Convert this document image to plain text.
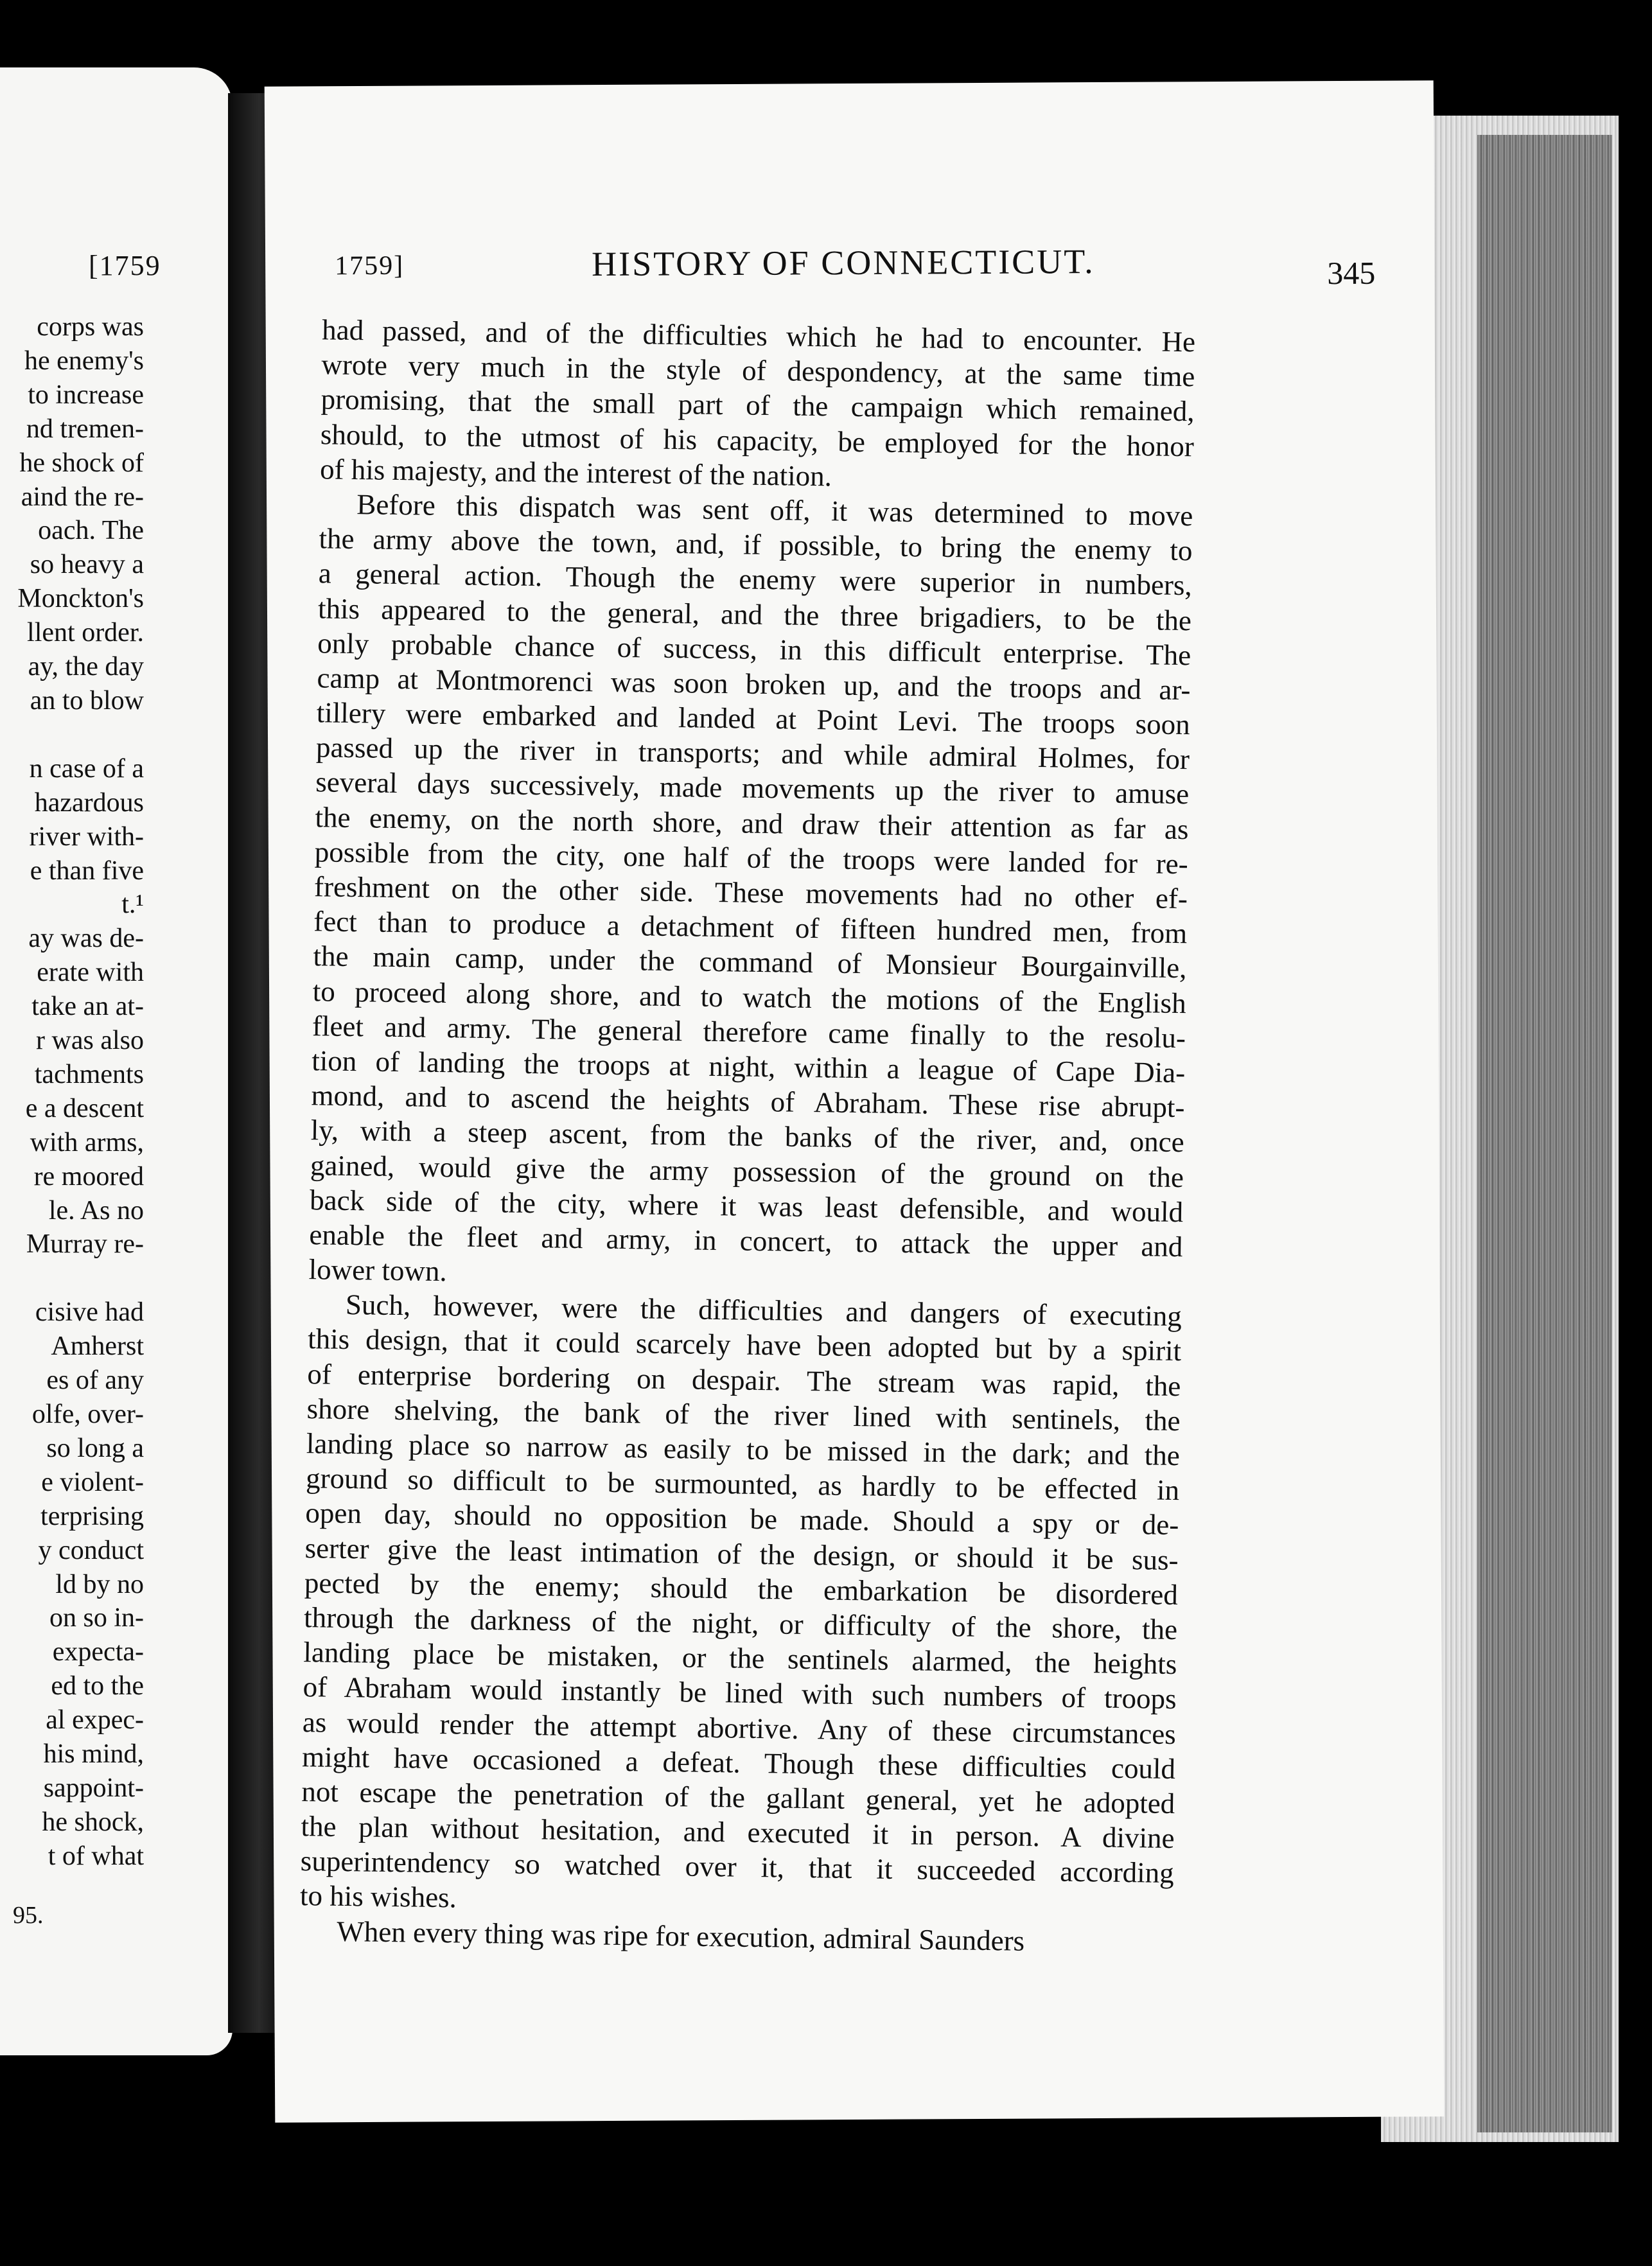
[1759
corps was
he enemy's
to increase
nd tremen-
he shock of
aind the re-
oach. The
so heavy a
Monckton's
llent order.
ay, the day
an to blow

n case of a
hazardous
river with-
e than five
t.¹
ay was de-
erate with
take an at-
r was also
tachments
e a descent
with arms,
re moored
le. As no
Murray re-

cisive had
Amherst
es of any
olfe, over-
so long a
e violent-
terprising
y conduct
ld by no
on so in-
expecta-
ed to the
al expec-
his mind,
sappoint-
he shock,
t of what
95.
1759]	HISTORY OF CONNECTICUT.	345
had passed, and of the difficulties which he had to encounter. He
wrote very much in the style of despondency, at the same time
promising, that the small part of the campaign which remained,
should, to the utmost of his capacity, be employed for the honor
of his majesty, and the interest of the nation.
Before this dispatch was sent off, it was determined to move
the army above the town, and, if possible, to bring the enemy to
a general action. Though the enemy were superior in numbers,
this appeared to the general, and the three brigadiers, to be the
only probable chance of success, in this difficult enterprise. The
camp at Montmorenci was soon broken up, and the troops and ar-
tillery were embarked and landed at Point Levi. The troops soon
passed up the river in transports; and while admiral Holmes, for
several days successively, made movements up the river to amuse
the enemy, on the north shore, and draw their attention as far as
possible from the city, one half of the troops were landed for re-
freshment on the other side. These movements had no other ef-
fect than to produce a detachment of fifteen hundred men, from
the main camp, under the command of Monsieur Bourgainville,
to proceed along shore, and to watch the motions of the English
fleet and army. The general therefore came finally to the resolu-
tion of landing the troops at night, within a league of Cape Dia-
mond, and to ascend the heights of Abraham. These rise abrupt-
ly, with a steep ascent, from the banks of the river, and, once
gained, would give the army possession of the ground on the
back side of the city, where it was least defensible, and would
enable the fleet and army, in concert, to attack the upper and
lower town.
Such, however, were the difficulties and dangers of executing
this design, that it could scarcely have been adopted but by a spirit
of enterprise bordering on despair. The stream was rapid, the
shore shelving, the bank of the river lined with sentinels, the
landing place so narrow as easily to be missed in the dark; and the
ground so difficult to be surmounted, as hardly to be effected in
open day, should no opposition be made. Should a spy or de-
serter give the least intimation of the design, or should it be sus-
pected by the enemy; should the embarkation be disordered
through the darkness of the night, or difficulty of the shore, the
landing place be mistaken, or the sentinels alarmed, the heights
of Abraham would instantly be lined with such numbers of troops
as would render the attempt abortive. Any of these circumstances
might have occasioned a defeat. Though these difficulties could
not escape the penetration of the gallant general, yet he adopted
the plan without hesitation, and executed it in person. A divine
superintendency so watched over it, that it succeeded according
to his wishes.
When every thing was ripe for execution, admiral Saunders
